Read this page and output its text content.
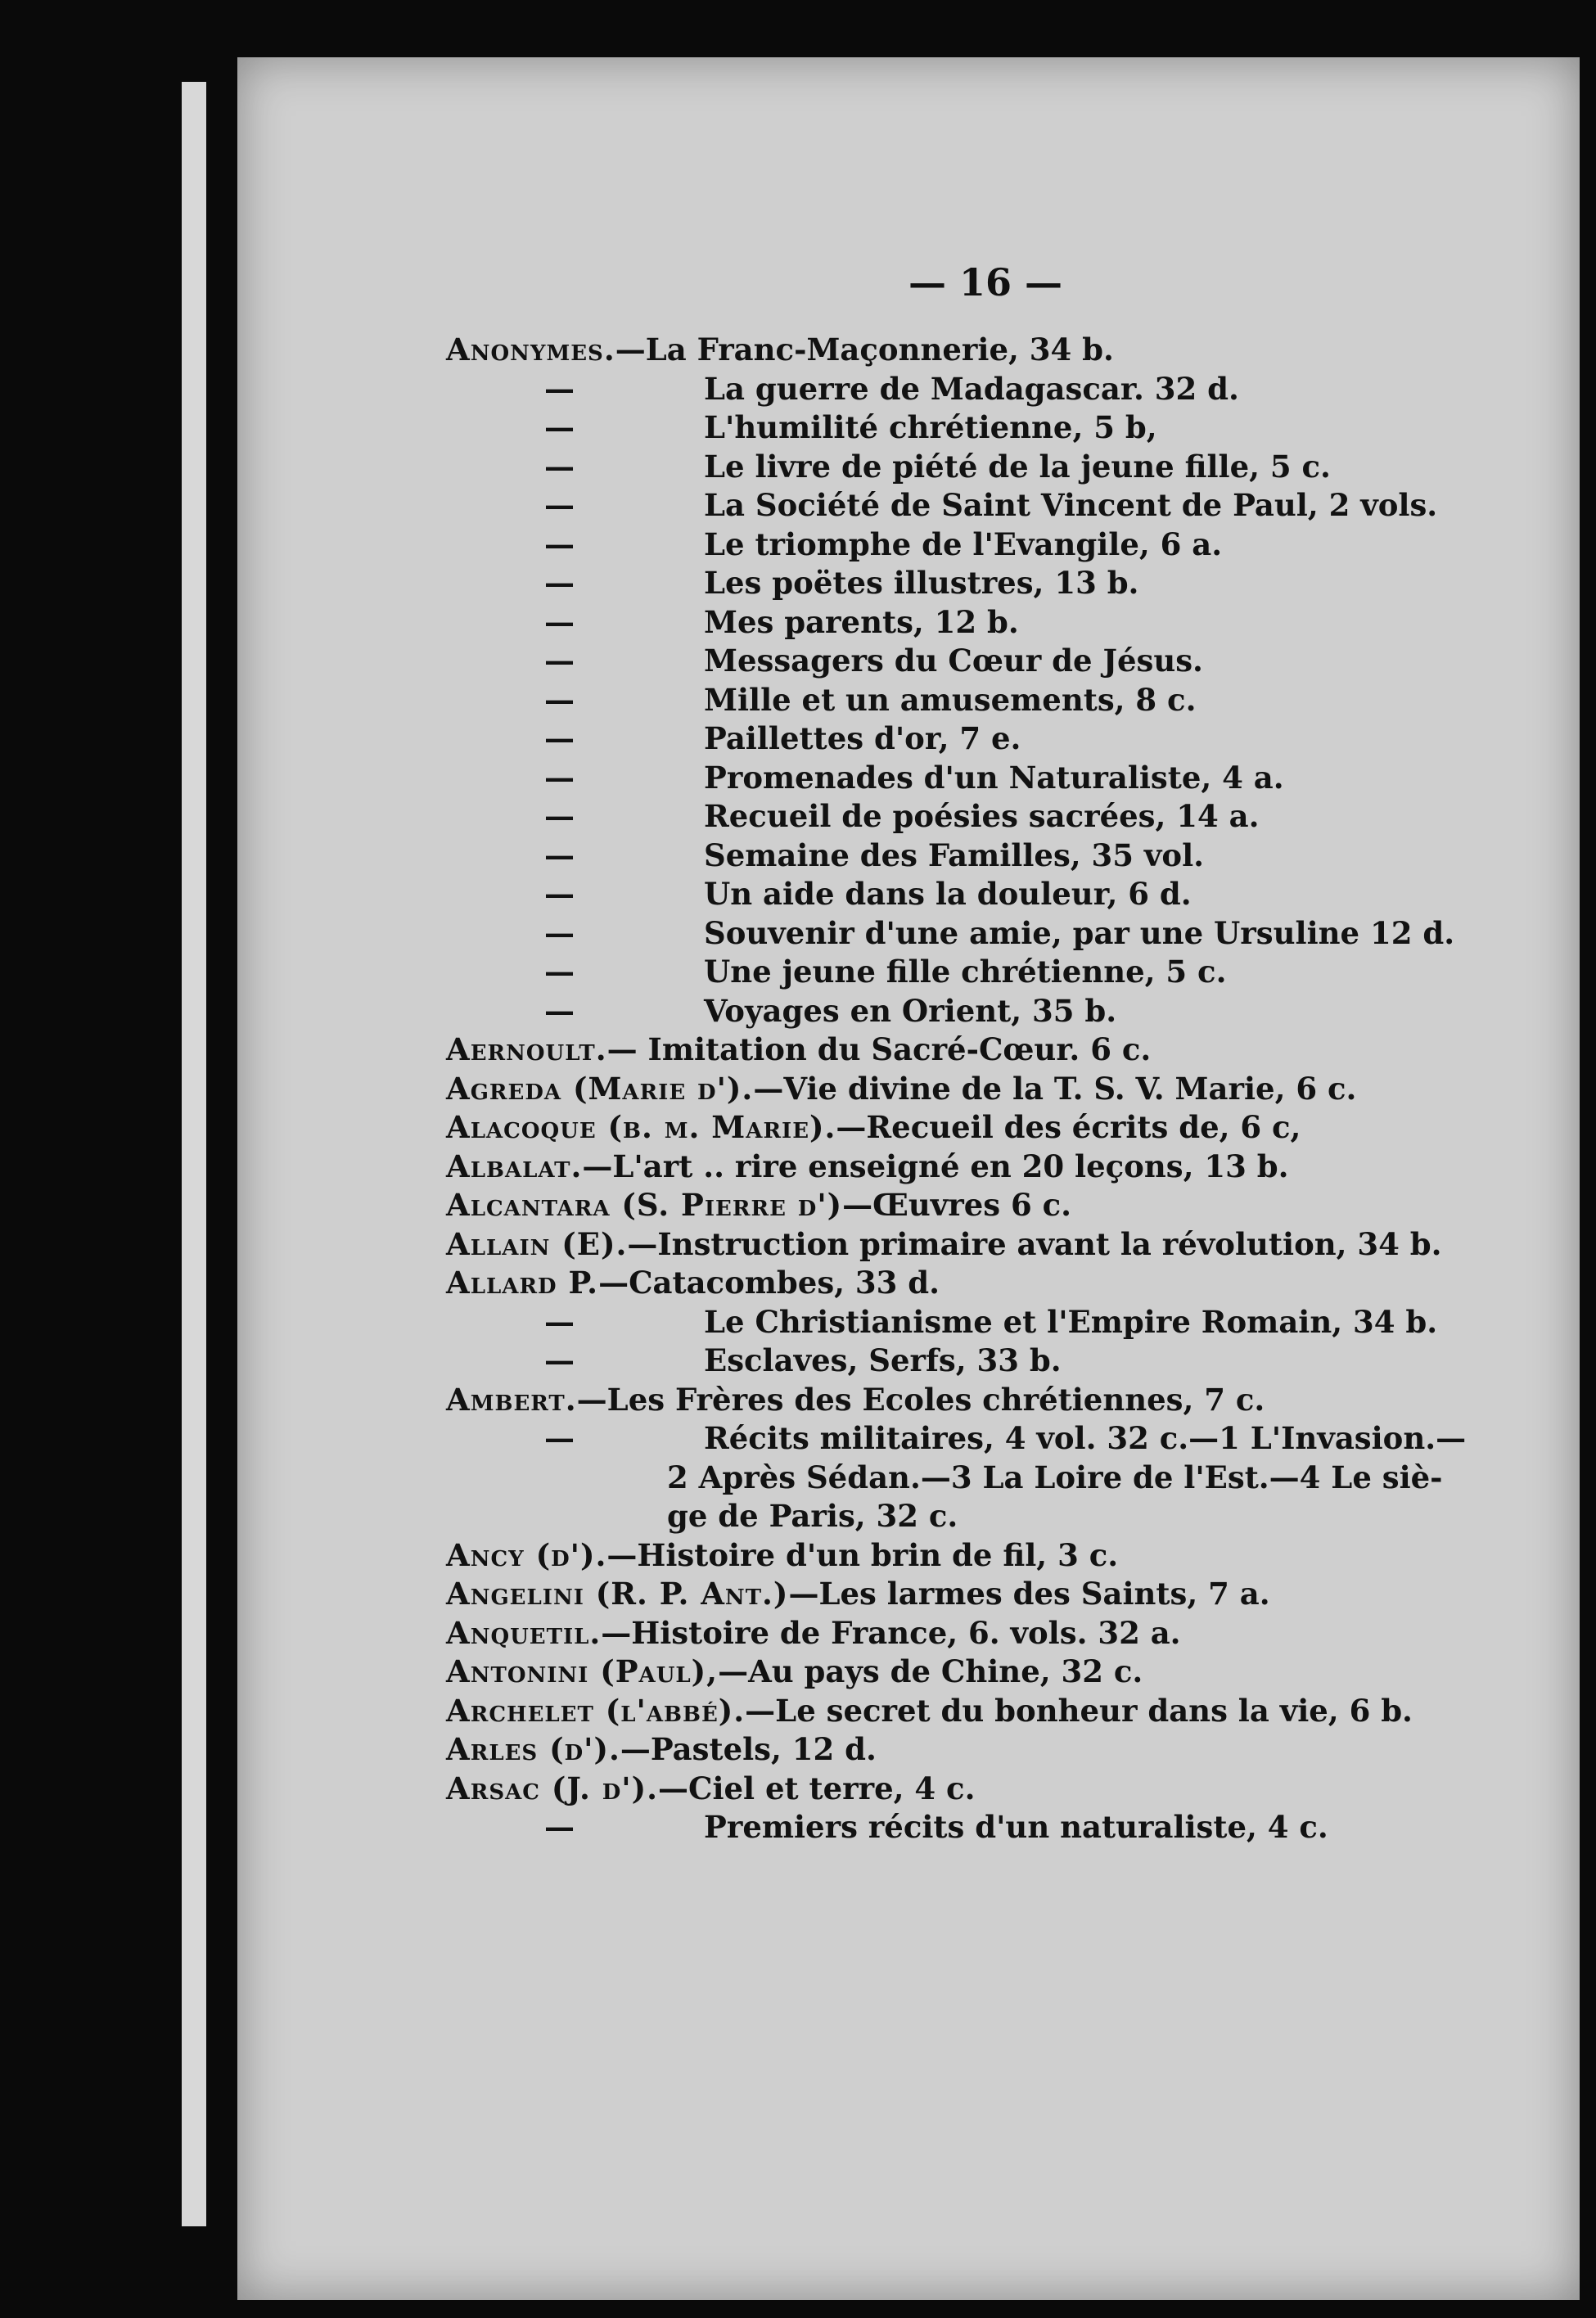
— 16 —
Anonymes.—La Franc-Maçonnerie, 34 b.
—	La guerre de Madagascar. 32 d.
—	L'humilité chrétienne, 5 b,
—	Le livre de piété de la jeune fille, 5 c.
—	La Société de Saint Vincent de Paul, 2 vols.
—	Le triomphe de l'Evangile, 6 a.
—	Les poëtes illustres, 13 b.
—	Mes parents, 12 b.
—	Messagers du Cœur de Jésus.
—	Mille et un amusements, 8 c.
—	Paillettes d'or, 7 e.
—	Promenades d'un Naturaliste, 4 a.
—	Recueil de poésies sacrées, 14 a.
—	Semaine des Familles, 35 vol.
—	Un aide dans la douleur, 6 d.
—	Souvenir d'une amie, par une Ursuline 12 d.
—	Une jeune fille chrétienne, 5 c.
—	Voyages en Orient, 35 b.
Aernoult.— Imitation du Sacré-Cœur. 6 c.
Agreda (Marie d').—Vie divine de la T. S. V. Marie, 6 c.
Alacoque (b. m. Marie).—Recueil des écrits de, 6 c,
Albalat.—L'art .. rire enseigné en 20 leçons, 13 b.
Alcantara (S. Pierre d')—Œuvres 6 c.
Allain (E).—Instruction primaire avant la révolution, 34 b.
Allard P.—Catacombes, 33 d.
—	Le Christianisme et l'Empire Romain, 34 b.
—	Esclaves, Serfs, 33 b.
Ambert.—Les Frères des Ecoles chrétiennes, 7 c.
—	Récits militaires, 4 vol. 32 c.—1 L'Invasion.—
2 Après Sédan.—3 La Loire de l'Est.—4 Le siè-
ge de Paris, 32 c.
Ancy (d').—Histoire d'un brin de fil, 3 c.
Angelini (R. P. Ant.)—Les larmes des Saints, 7 a.
Anquetil.—Histoire de France, 6. vols. 32 a.
Antonini (Paul),—Au pays de Chine, 32 c.
Archelet (l'abbé).—Le secret du bonheur dans la vie, 6 b.
Arles (d').—Pastels, 12 d.
Arsac (J. d').—Ciel et terre, 4 c.
—	Premiers récits d'un naturaliste, 4 c.
